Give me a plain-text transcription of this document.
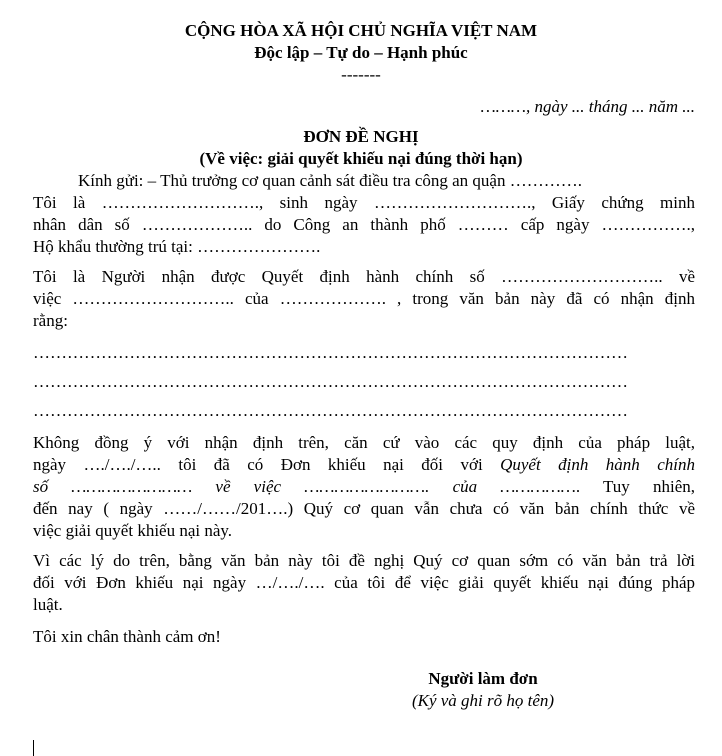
CỘNG HÒA XÃ HỘI CHỦ NGHĨA VIỆT NAM
Độc lập – Tự do – Hạnh phúc
-------
………, ngày ... tháng ... năm ...
ĐƠN ĐỀ NGHỊ
(Về việc: giải quyết khiếu nại đúng thời hạn)
Kính gửi: – Thủ trưởng cơ quan cảnh sát điều tra công an quận ………….
Tôi là ………………………., sinh ngày ………………………., Giấy chứng minh
nhân dân số ……………….. do Công an thành phố ……… cấp ngày …………….,
Hộ khẩu thường trú tại: ………………….
Tôi là Người nhận được Quyết định hành chính số ……………………….. về
việc ……………………….. của ………………. , trong văn bản này đã có nhận định
rằng:
……………………………………………………………………………………………
……………………………………………………………………………………………
……………………………………………………………………………………………
Không đồng ý với nhận định trên, căn cứ vào các quy định của pháp luật,
ngày …./…./….. tôi đã có Đơn khiếu nại đối với Quyết định hành chính
số …………………… về việc ……………………. của ……………. Tuy nhiên,
đến nay ( ngày ……/……/201….) Quý cơ quan vẫn chưa có văn bản chính thức về
việc giải quyết khiếu nại này.
Vì các lý do trên, bằng văn bản này tôi đề nghị Quý cơ quan sớm có văn bản trả lời
đối với Đơn khiếu nại ngày …/…./…. của tôi để việc giải quyết khiếu nại đúng pháp
luật.
Tôi xin chân thành cảm ơn!
Người làm đơn
(Ký và ghi rõ họ tên)
